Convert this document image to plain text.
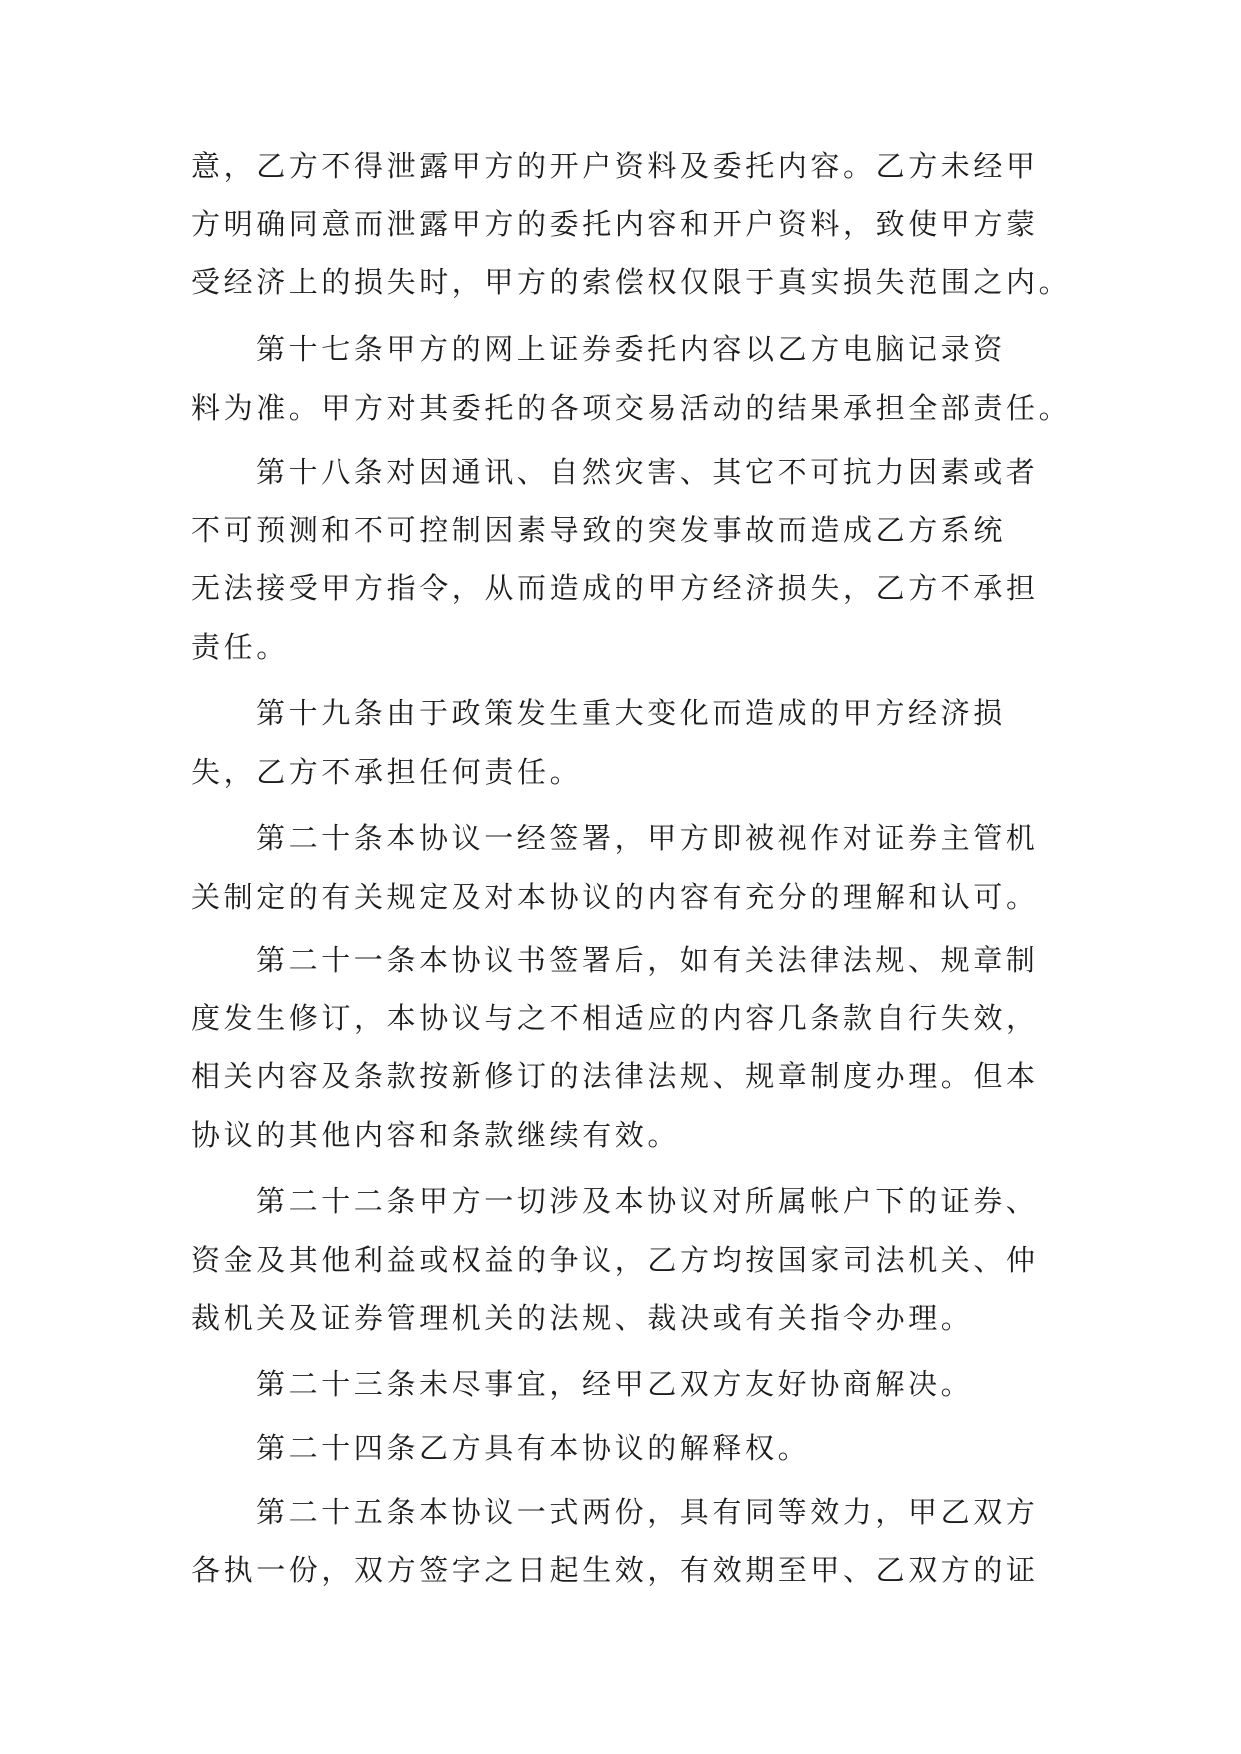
意，乙方不得泄露甲方的开户资料及委托内容。乙方未经甲

方明确同意而泄露甲方的委托内容和开户资料，致使甲方蒙

受经济上的损失时，甲方的索偿权仅限于真实损失范围之内。

第十七条甲方的网上证券委托内容以乙方电脑记录资

料为准。甲方对其委托的各项交易活动的结果承担全部责任。

第十八条对因通讯、自然灾害、其它不可抗力因素或者

不可预测和不可控制因素导致的突发事故而造成乙方系统

无法接受甲方指令，从而造成的甲方经济损失，乙方不承担

责任。

第十九条由于政策发生重大变化而造成的甲方经济损

失，乙方不承担任何责任。

第二十条本协议一经签署，甲方即被视作对证券主管机

关制定的有关规定及对本协议的内容有充分的理解和认可。

第二十一条本协议书签署后，如有关法律法规、规章制

度发生修订，本协议与之不相适应的内容几条款自行失效，

相关内容及条款按新修订的法律法规、规章制度办理。但本

协议的其他内容和条款继续有效。

第二十二条甲方一切涉及本协议对所属帐户下的证券、

资金及其他利益或权益的争议，乙方均按国家司法机关、仲

裁机关及证券管理机关的法规、裁决或有关指令办理。

第二十三条未尽事宜，经甲乙双方友好协商解决。

第二十四条乙方具有本协议的解释权。

第二十五条本协议一式两份，具有同等效力，甲乙双方

各执一份，双方签字之日起生效，有效期至甲、乙双方的证
